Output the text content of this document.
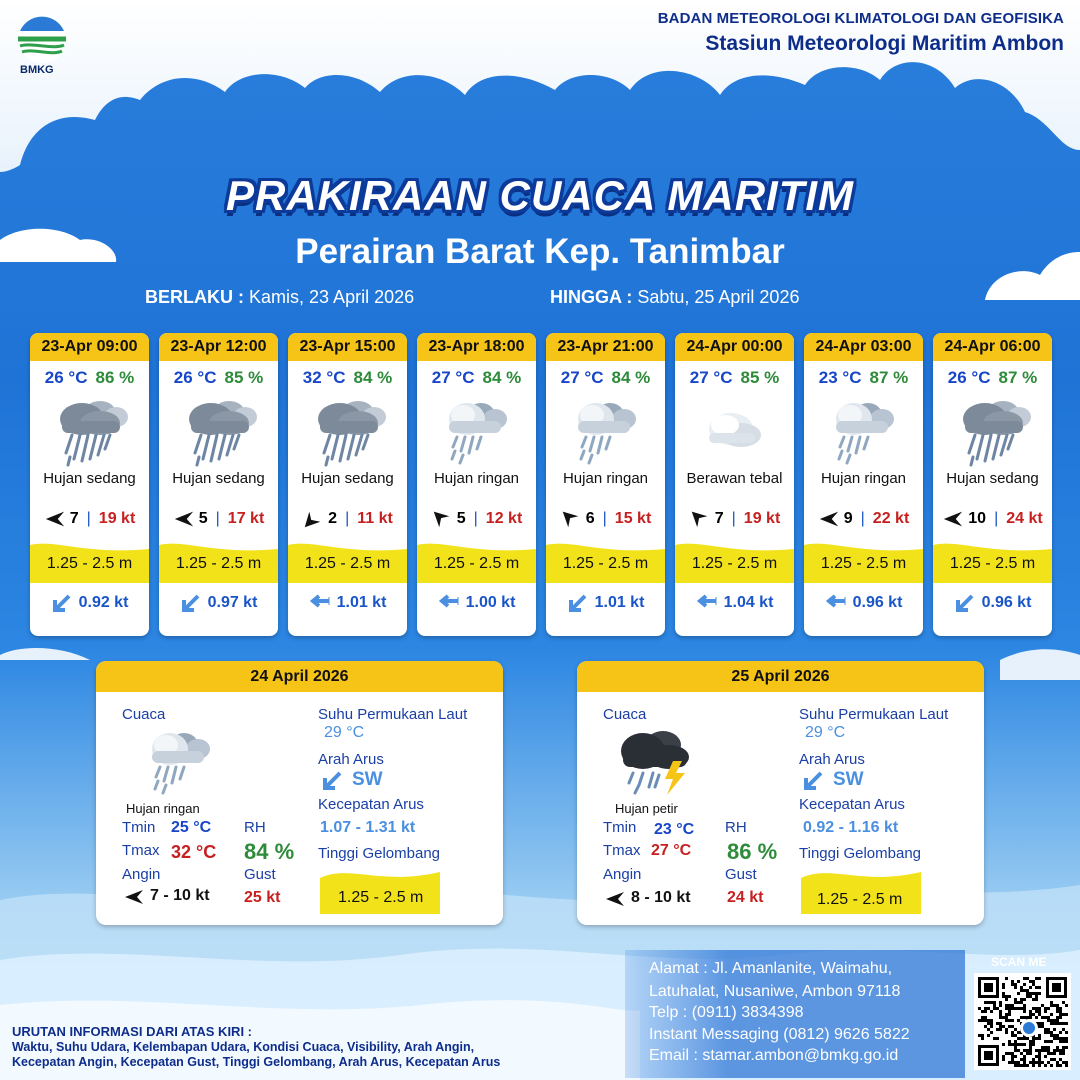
BMKG
BADAN METEOROLOGI KLIMATOLOGI DAN GEOFISIKA
Stasiun Meteorologi Maritim Ambon
PRAKIRAAN CUACA MARITIM
Perairan Barat Kep. Tanimbar
BERLAKU : Kamis, 23 April 2026	HINGGA : Sabtu, 25 April 2026
23-Apr 09:00
26 °C 86 %
Hujan sedang
7 | 19 kt
1.25 - 2.5 m
0.92 kt
23-Apr 12:00
26 °C 85 %
Hujan sedang
5 | 17 kt
1.25 - 2.5 m
0.97 kt
23-Apr 15:00
32 °C 84 %
Hujan sedang
2 | 11 kt
1.25 - 2.5 m
1.01 kt
23-Apr 18:00
27 °C 84 %
Hujan ringan
5 | 12 kt
1.25 - 2.5 m
1.00 kt
23-Apr 21:00
27 °C 84 %
Hujan ringan
6 | 15 kt
1.25 - 2.5 m
1.01 kt
24-Apr 00:00
27 °C 85 %
Berawan tebal
7 | 19 kt
1.25 - 2.5 m
1.04 kt
24-Apr 03:00
23 °C 87 %
Hujan ringan
9 | 22 kt
1.25 - 2.5 m
0.96 kt
24-Apr 06:00
26 °C 87 %
Hujan sedang
10 | 24 kt
1.25 - 2.5 m
0.96 kt
24 April 2026
Cuaca
Hujan ringan
Tmin 25 °C
Tmax 32 °C
Angin
7 - 10 kt
RH
84 %
Gust
25 kt
Suhu Permukaan Laut
29 °C
Arah Arus
SW
Kecepatan Arus
1.07 - 1.31 kt
Tinggi Gelombang
1.25 - 2.5 m
25 April 2026
Cuaca
Hujan petir
Tmin 23 °C
Tmax 27 °C
Angin
8 - 10 kt
RH
86 %
Gust
24 kt
Suhu Permukaan Laut
29 °C
Arah Arus
SW
Kecepatan Arus
0.92 - 1.16 kt
Tinggi Gelombang
1.25 - 2.5 m
URUTAN INFORMASI DARI ATAS KIRI :
Waktu, Suhu Udara, Kelembapan Udara, Kondisi Cuaca, Visibility, Arah Angin,
Kecepatan Angin, Kecepatan Gust, Tinggi Gelombang, Arah Arus, Kecepatan Arus
Alamat : Jl. Amanlanite, Waimahu,
Latuhalat, Nusaniwe, Ambon 97118
Telp : (0911) 3834398
Instant Messaging (0812) 9626 5822
Email : stamar.ambon@bmkg.go.id
SCAN ME
